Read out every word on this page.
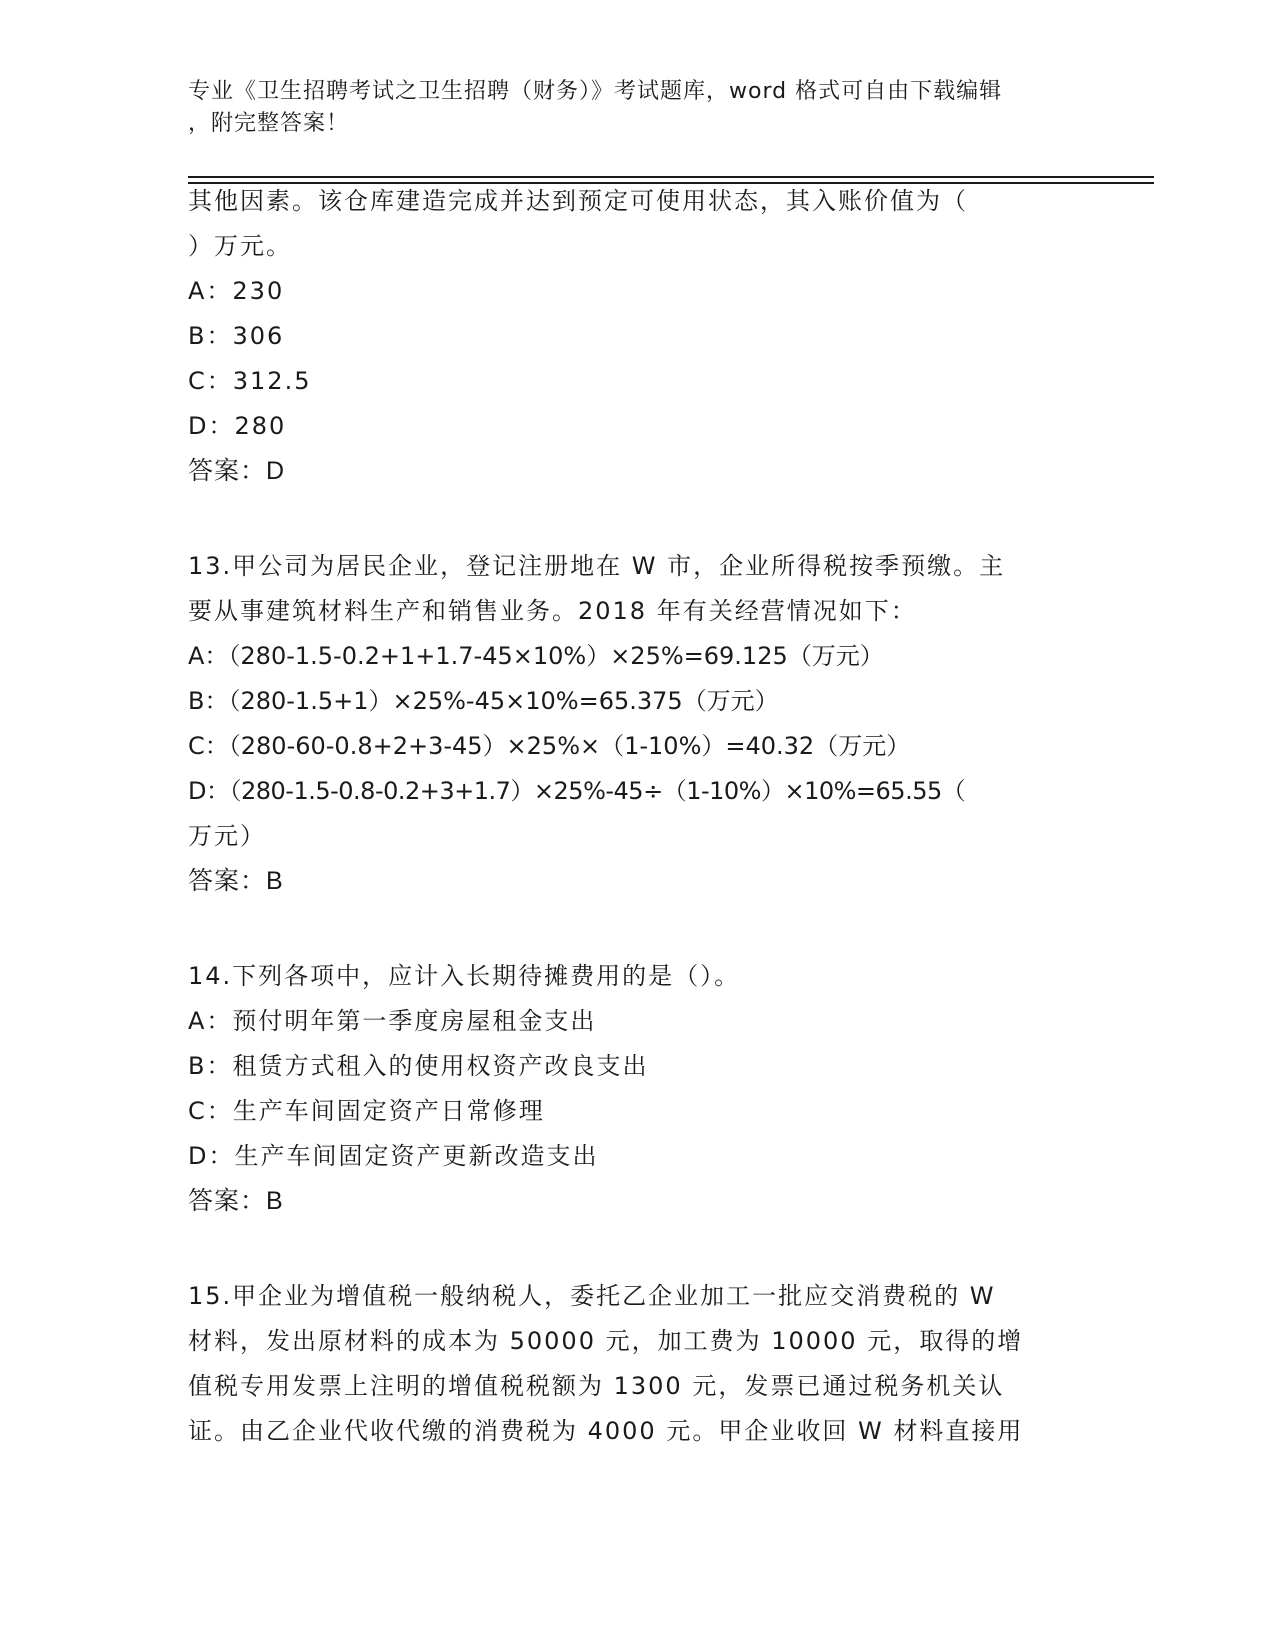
专业《卫生招聘考试之卫生招聘（财务）》考试题库，word 格式可自由下载编辑
，附完整答案！
其他因素。该仓库建造完成并达到预定可使用状态，其入账价值为（
）万元。
A：230
B：306
C：312.5
D：280
答案：D
13.甲公司为居民企业，登记注册地在 W 市，企业所得税按季预缴。主
要从事建筑材料生产和销售业务。2018 年有关经营情况如下：
A：（280-1.5-0.2+1+1.7-45×10%）×25%=69.125（万元）
B：（280-1.5+1）×25%-45×10%=65.375（万元）
C：（280-60-0.8+2+3-45）×25%×（1-10%）=40.32（万元）
D：（280-1.5-0.8-0.2+3+1.7）×25%-45÷（1-10%）×10%=65.55（
万元）
答案：B
14.下列各项中，应计入长期待摊费用的是（）。
A：预付明年第一季度房屋租金支出
B：租赁方式租入的使用权资产改良支出
C：生产车间固定资产日常修理
D：生产车间固定资产更新改造支出
答案：B
15.甲企业为增值税一般纳税人，委托乙企业加工一批应交消费税的 W
材料，发出原材料的成本为 50000 元，加工费为 10000 元，取得的增
值税专用发票上注明的增值税税额为 1300 元，发票已通过税务机关认
证。由乙企业代收代缴的消费税为 4000 元。甲企业收回 W 材料直接用
